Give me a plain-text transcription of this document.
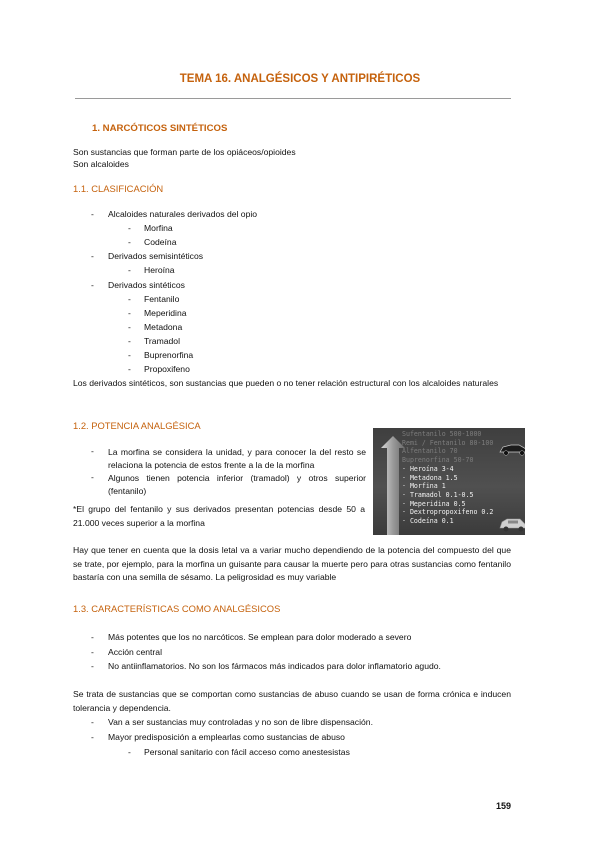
TEMA 16. ANALGÉSICOS Y ANTIPIRÉTICOS
1. NARCÓTICOS SINTÉTICOS
Son sustancias que forman parte de los opiáceos/opioides
Son alcaloides
1.1. CLASIFICACIÓN
- Alcaloides naturales derivados del opio
- Morfina
- Codeína
- Derivados semisintéticos
- Heroína
- Derivados sintéticos
- Fentanilo
- Meperidina
- Metadona
- Tramadol
- Buprenorfina
- Propoxifeno
Los derivados sintéticos, son sustancias que pueden o no tener relación estructural con los alcaloides naturales
1.2. POTENCIA ANALGÉSICA
- La morfina se considera la unidad, y para conocer la del resto se relaciona la potencia de estos frente a la de la morfina
- Algunos tienen potencia inferior (tramadol) y otros superior (fentanilo)
*El grupo del fentanilo y sus derivados presentan potencias desde 50 a 21.000 veces superior a la morfina
Sufentanilo 500-1000
Remi / Fentanilo 80-100
Alfentanilo 70
Buprenorfina 50-70
· Heroína 3-4
· Metadona 1.5
· Morfina 1
· Tramadol 0.1-0.5
· Meperidina 0.5
· Dextropropoxifeno 0.2
· Codeína 0.1
Hay que tener en cuenta que la dosis letal va a variar mucho dependiendo de la potencia del compuesto del que se trate, por ejemplo, para la morfina un guisante para causar la muerte pero para otras sustancias como fentanilo bastaría con una semilla de sésamo. La peligrosidad es muy variable
1.3. CARACTERÍSTICAS COMO ANALGÉSICOS
- Más potentes que los no narcóticos. Se emplean para dolor moderado a severo
- Acción central
- No antiinflamatorios. No son los fármacos más indicados para dolor inflamatorio agudo.
Se trata de sustancias que se comportan como sustancias de abuso cuando se usan de forma crónica e inducen tolerancia y dependencia.
- Van a ser sustancias muy controladas y no son de libre dispensación.
- Mayor predisposición a emplearlas como sustancias de abuso
- Personal sanitario con fácil acceso como anestesistas
159
